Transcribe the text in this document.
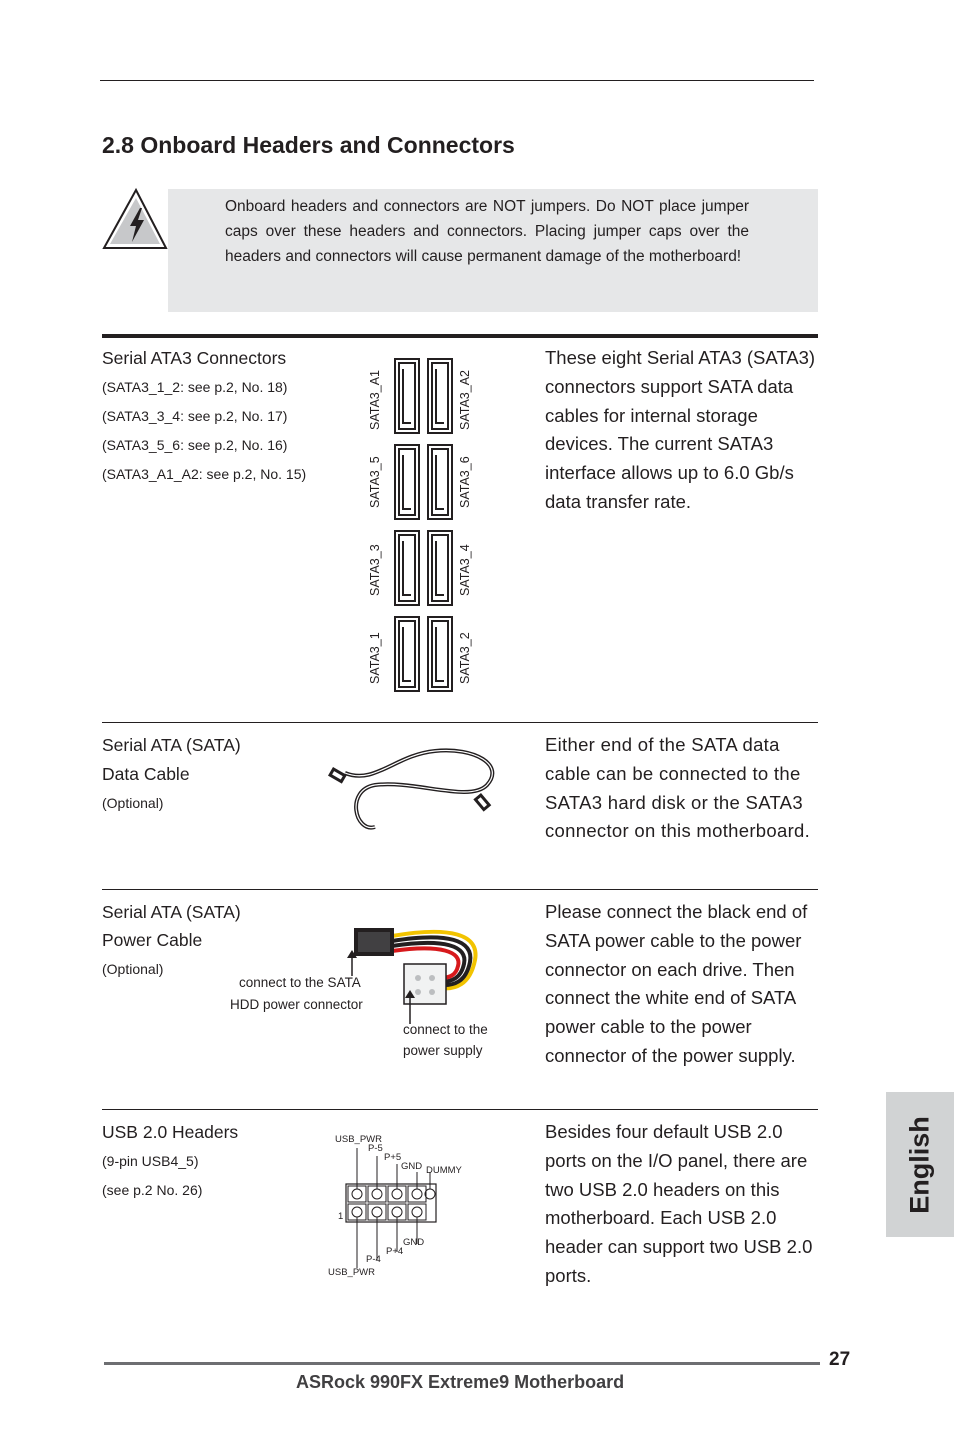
2.8 Onboard Headers and Connectors
Onboard headers and connectors are NOT jumpers. Do NOT place jumper caps over these headers and connectors. Placing jumper caps over the headers and connectors will cause permanent damage of the motherboard!
Serial ATA3 Connectors
(SATA3_1_2: see p.2, No. 18)
(SATA3_3_4: see p.2, No. 17)
(SATA3_5_6: see p.2, No. 16)
(SATA3_A1_A2: see p.2, No. 15)
SATA3_A1
SATA3_5
SATA3_3
SATA3_1
SATA3_A2
SATA3_6
SATA3_4
SATA3_2
These eight Serial ATA3 (SATA3) connectors support SATA data cables for internal storage devices. The current SATA3 interface allows up to 6.0 Gb/s data transfer rate.
Serial ATA (SATA)
Data Cable
(Optional)
Either end of the SATA data cable can be connected to the SATA3 hard disk or the SATA3 connector on this motherboard.
Serial ATA (SATA)
Power Cable
(Optional)
connect to the SATA
HDD power connector
connect to the
power supply
Please connect the black end of SATA power cable to the power connector on each drive. Then connect the white end of SATA power cable to the power connector of the power supply.
USB 2.0 Headers
(9-pin USB4_5)
(see p.2 No. 26)
USB_PWR
P-5
P+5
GND DUMMY
1
GND
P+4
P-4
USB_PWR
Besides four default USB 2.0 ports on the I/O panel, there are two USB 2.0 headers on this motherboard. Each USB 2.0 header can support two USB 2.0 ports.
English
27
ASRock 990FX Extreme9 Motherboard
